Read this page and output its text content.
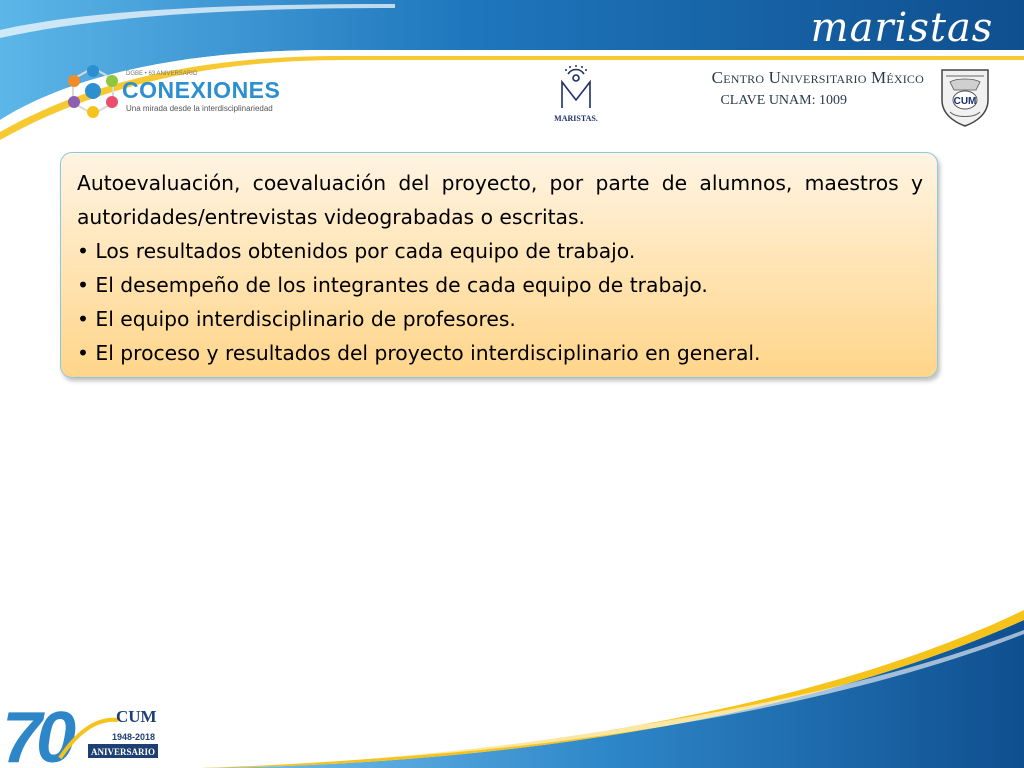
maristas
DGBE • 63 ANIVERSARIO
CONEXIONES
Una mirada desde la interdisciplinariedad
MARISTAS.
Centro Universitario México
CLAVE UNAM: 1009	CUM
Autoevaluación, coevaluación del proyecto, por parte de alumnos, maestros y autoridades/entrevistas videograbadas o escritas.
• Los resultados obtenidos por cada equipo de trabajo.
• El desempeño de los integrantes de cada equipo de trabajo.
• El equipo interdisciplinario de profesores.
• El proceso y resultados del proyecto interdisciplinario en general.
70	CUM
1948-2018
ANIVERSARIO
